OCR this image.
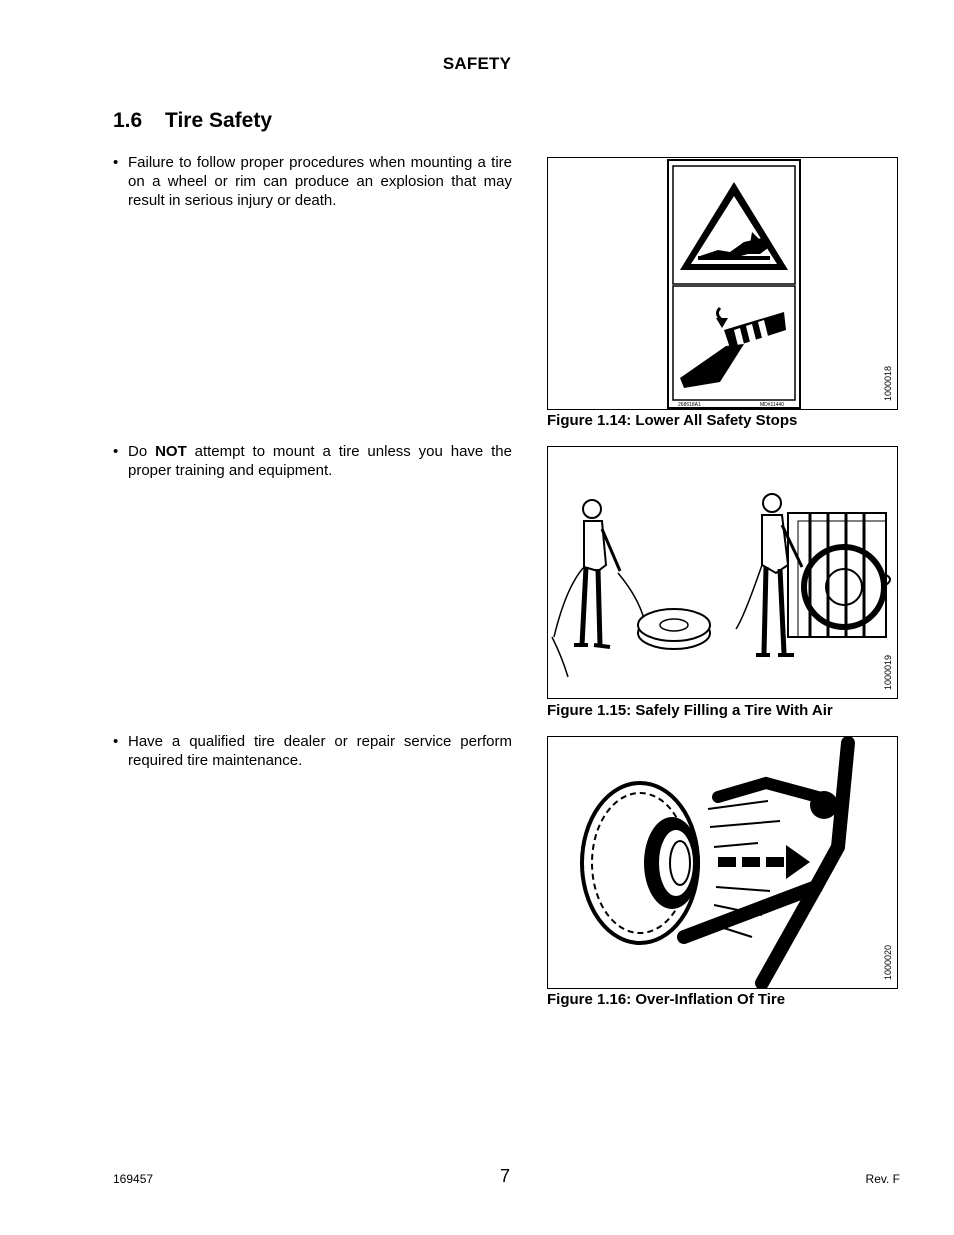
SAFETY
1.6 Tire Safety
• Failure to follow proper procedures when mounting a tire on a wheel or rim can produce an explosion that may result in serious injury or death.
• Do NOT attempt to mount a tire unless you have the proper training and equipment.
• Have a qualified tire dealer or repair service perform required tire maintenance.
268618A1	MD#11440
1000018
Figure 1.14: Lower All Safety Stops
1000019
Figure 1.15: Safely Filling a Tire With Air
1000020
Figure 1.16: Over-Inflation Of Tire
169457	7	Rev. F
